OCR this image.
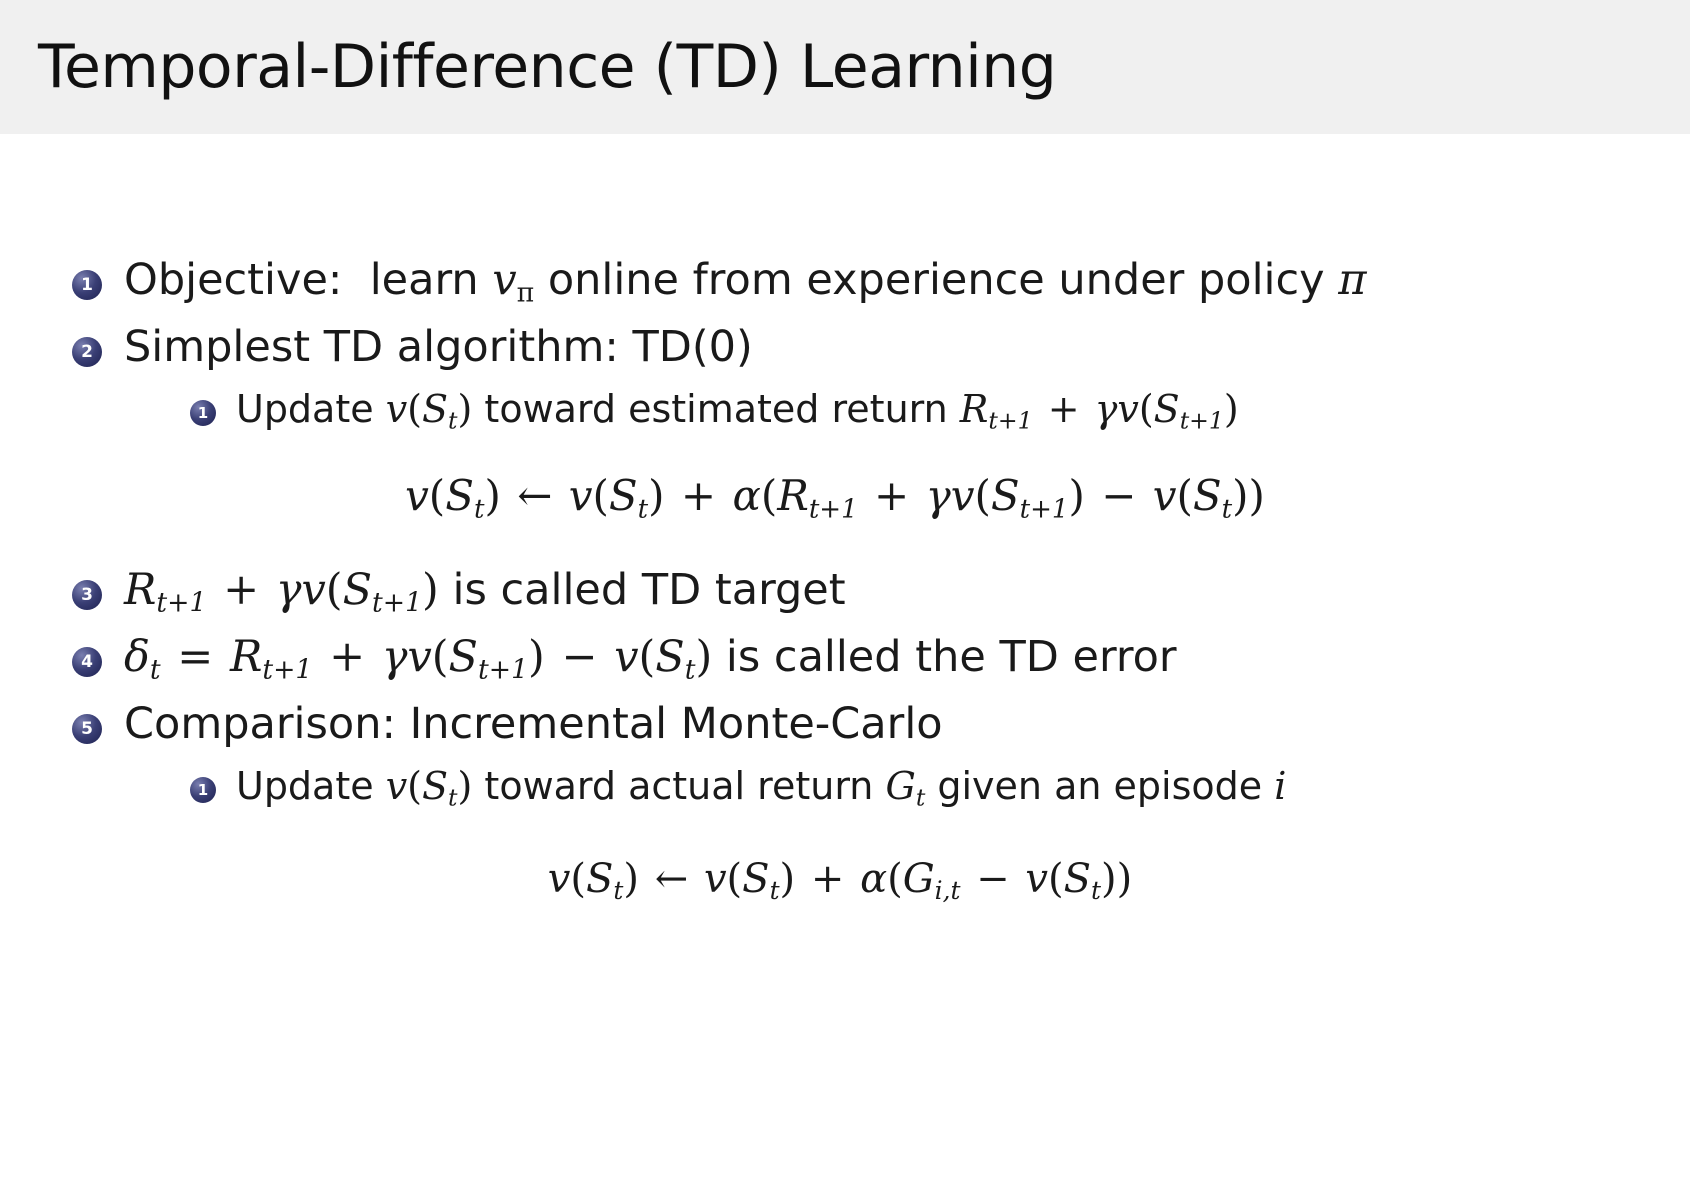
Temporal-Difference (TD) Learning
1 Objective:  learn $v_\pi$ online from experience under policy π
2 Simplest TD algorithm: TD(0)
1 Update $v(S_t)$ toward estimated return $R_{t+1} + \gamma v(S_{t+1})$
$v(S_t)$ ← $v(S_t) + \alpha(R_{t+1} + \gamma v(S_{t+1}) - v(S_t))$
3 $R_{t+1} + \gamma v(S_{t+1})$ is called TD target
4 $\delta_t = R_{t+1} + \gamma v(S_{t+1}) - v(S_t)$ is called the TD error
5 Comparison: Incremental Monte-Carlo
1 Update $v(S_t)$ toward actual return $G_t$ given an episode i
$v(S_t)$ ← $v(S_t) + \alpha(G_{i,t} - v(S_t))$
